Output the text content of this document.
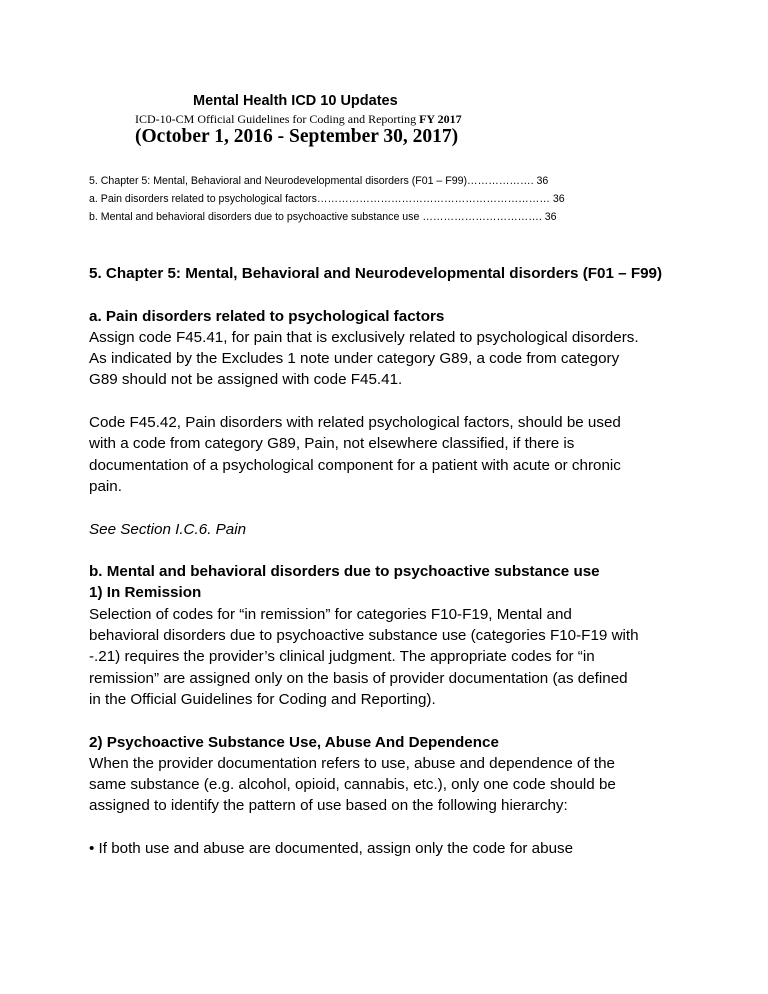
Mental Health ICD 10 Updates
ICD-10-CM Official Guidelines for Coding and Reporting FY 2017
(October 1, 2016 - September 30, 2017)
5. Chapter 5: Mental, Behavioral and Neurodevelopmental disorders (F01 – F99)………………. 36
a. Pain disorders related to psychological factors………………………………………………………… 36
b. Mental and behavioral disorders due to psychoactive substance use ……………………………. 36

5. Chapter 5: Mental, Behavioral and Neurodevelopmental disorders (F01 – F99)

a. Pain disorders related to psychological factors

Assign code F45.41, for pain that is exclusively related to psychological disorders.

As indicated by the Excludes 1 note under category G89, a code from category

G89 should not be assigned with code F45.41.

Code F45.42, Pain disorders with related psychological factors, should be used

with a code from category G89, Pain, not elsewhere classified, if there is

documentation of a psychological component for a patient with acute or chronic

pain.

See Section I.C.6. Pain

b. Mental and behavioral disorders due to psychoactive substance use

1) In Remission

Selection of codes for “in remission” for categories F10-F19, Mental and

behavioral disorders due to psychoactive substance use (categories F10-F19 with

-.21) requires the provider’s clinical judgment. The appropriate codes for “in

remission” are assigned only on the basis of provider documentation (as defined

in the Official Guidelines for Coding and Reporting).

2) Psychoactive Substance Use, Abuse And Dependence

When the provider documentation refers to use, abuse and dependence of the

same substance (e.g. alcohol, opioid, cannabis, etc.), only one code should be

assigned to identify the pattern of use based on the following hierarchy:

• If both use and abuse are documented, assign only the code for abuse
